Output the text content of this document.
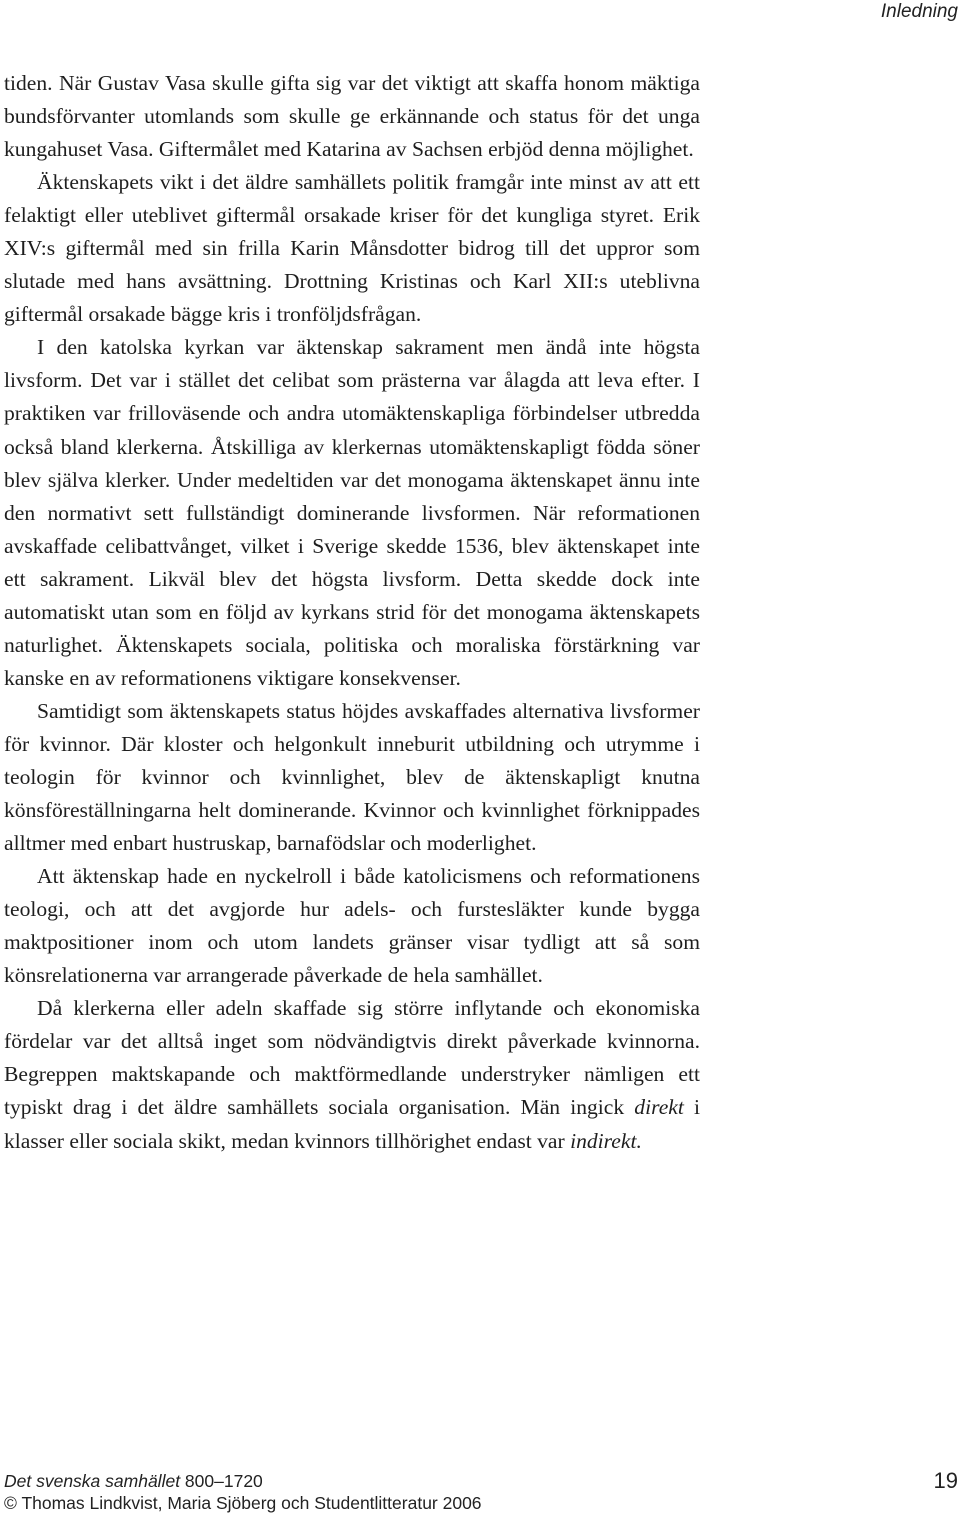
Inledning

tiden. När Gustav Vasa skulle gifta sig var det viktigt att skaffa honom mäktiga bundsförvanter utomlands som skulle ge erkännande och status för det unga kungahuset Vasa. Giftermålet med Katarina av Sachsen erbjöd denna möjlighet.

Äktenskapets vikt i det äldre samhällets politik framgår inte minst av att ett felaktigt eller uteblivet giftermål orsakade kriser för det kungliga styret. Erik XIV:s giftermål med sin frilla Karin Månsdotter bidrog till det uppror som slutade med hans avsättning. Drottning Kristinas och Karl XII:s uteblivna giftermål orsakade bägge kris i tronföljdsfrågan.

I den katolska kyrkan var äktenskap sakrament men ändå inte högsta livsform. Det var i stället det celibat som prästerna var ålagda att leva efter. I praktiken var frilloväsende och andra utomäktenskapliga förbindelser utbredda också bland klerkerna. Åtskilliga av klerkernas utomäktenskapligt födda söner blev själva klerker. Under medeltiden var det monogama äktenskapet ännu inte den normativt sett fullständigt dominerande livsformen. När reformationen avskaffade celibattvånget, vilket i Sverige skedde 1536, blev äktenskapet inte ett sakrament. Likväl blev det högsta livsform. Detta skedde dock inte automatiskt utan som en följd av kyrkans strid för det monogama äktenskapets naturlighet. Äktenskapets sociala, politiska och moraliska förstärkning var kanske en av reformationens viktigare konsekvenser.

Samtidigt som äktenskapets status höjdes avskaffades alternativa livsformer för kvinnor. Där kloster och helgonkult inneburit utbildning och utrymme i teologin för kvinnor och kvinnlighet, blev de äktenskapligt knutna könsföreställningarna helt dominerande. Kvinnor och kvinnlighet förknippades alltmer med enbart hustruskap, barnafödslar och moderlighet.

Att äktenskap hade en nyckelroll i både katolicismens och reformationens teologi, och att det avgjorde hur adels- och furstesläkter kunde bygga maktpositioner inom och utom landets gränser visar tydligt att så som könsrelationerna var arrangerade påverkade de hela samhället.

Då klerkerna eller adeln skaffade sig större inflytande och ekonomiska fördelar var det alltså inget som nödvändigtvis direkt påverkade kvinnorna. Begreppen maktskapande och maktförmedlande understryker nämligen ett typiskt drag i det äldre samhällets sociala organisation. Män ingick direkt i klasser eller sociala skikt, medan kvinnors tillhörighet endast var indirekt.

Det svenska samhället 800–1720
© Thomas Lindkvist, Maria Sjöberg och Studentlitteratur 2006
19
